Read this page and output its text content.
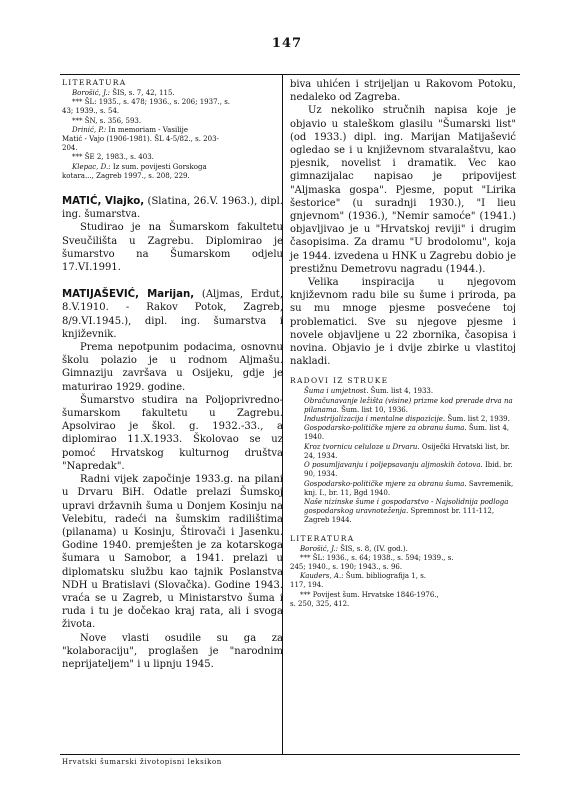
147

LITERATURA

Borošić, J.: ŠIS, s. 7, 42, 115.

*** ŠL: 1935., s. 478; 1936., s. 206; 1937., s.

43; 1939., s. 54.

*** ŠN, s. 356, 593.

Drinić, P.: In memoriam - Vasilije

Matić - Vajo (1906-1981). ŠL 4-5/82., s. 203-

204.

*** ŠE 2, 1983., s. 403.

Klepac, D.: Iz sum. povijesti Gorskoga

kotara..., Zagreb 1997., s. 208, 229.

MATIĆ, Vlajko, (Slatina, 26.V. 1963.), dipl. ing. šumarstva.

Studirao je na Šumarskom fakultetu Sveučilišta u Zagrebu. Diplomirao je šumarstvo na Šumarskom odjelu 17.VI.1991.

MATIJAŠEVIĆ, Marijan, (Aljmas, Erdut, 8.V.1910. - Rakov Potok, Zagreb, 8/9.VI.1945.), dipl. ing. šumarstva i književnik.

Prema nepotpunim podacima, osnovnu školu polazio je u rodnom Aljmašu. Gimnaziju završava u Osijeku, gdje je maturirao 1929. godine.

Šumarstvo studira na Poljoprivredno-šumarskom fakultetu u Zagrebu. Apsolvirao je škol. g. 1932.-33., a diplomirao 11.X.1933. Školovao se uz pomoć Hrvatskog kulturnog društva "Napredak".

Radni vijek započinje 1933.g. na pilani u Drvaru BiH. Odatle prelazi Šumskoj upravi državnih šuma u Donjem Kosinju na Velebitu, radeći na šumskim radilištima (pilanama) u Kosinju, Štirovači i Jasenku. Godine 1940. premješten je za kotarskoga šumara u Samobor, a 1941. prelazi u diplomatsku službu kao tajnik Poslanstva NDH u Bratislavi (Slovačka). Godine 1943. vraća se u Zagreb, u Ministarstvo šuma i ruda i tu je dočekao kraj rata, ali i svoga života.

Nove vlasti osudile su ga za "kolaboraciju", proglašen je "narodnim neprijateljem" i u lipnju 1945.

biva uhićen i strijeljan u Rakovom Potoku, nedaleko od Zagreba.

Uz nekoliko stručnih napisa koje je objavio u staleškom glasilu "Šumarski list" (od 1933.) dipl. ing. Marijan Matijašević ogledao se i u književnom stvaralaštvu, kao pjesnik, novelist i dramatik. Vec kao gimnazijalac napisao je pripovijest "Aljmaska gospa". Pjesme, poput "Lirika šestorice" (u suradnji 1930.), "I lieu gnjevnom" (1936.), "Nemir samoće" (1941.) objavljivao je u "Hrvatskoj reviji" i drugim časopisima. Za dramu "U brodolomu", koja je 1944. izvedena u HNK u Zagrebu dobio je prestižnu Demetrovu nagradu (1944.).

Velika inspiracija u njegovom književnom radu bile su šume i priroda, pa su mu mnoge pjesme posvećene toj problematici. Sve su njegove pjesme i novele objavljene u 22 zbornika, časopisa i novina. Objavio je i dvije zbirke u vlastitoj nakladi.

RADOVI IZ STRUKE

Šuma i umjetnost. Šum. list 4, 1933.

Obračunavanje ležišta (visine) prizme kod prerade drva na pilanama. Šum. list 10, 1936.

Industrijalizacija i mentalne dispozicije. Šum. list 2, 1939.

Gospodarsko-političke mjere za obranu šuma. Šum. list 4, 1940.

Kroz tvornicu celuloze u Drvaru. Osiječki Hrvatski list, br. 24, 1934.

O posumljavanju i poljepsavanju aljmoskih čotova. Ibid. br. 90, 1934.

Gospodarsko-političke mjere za obranu šuma. Savremenik, knj. I., br. 11, Bgd 1940.

Naše nizinske šume i gospodarstvo - Najsolidnija podloga gospodarskog uravnoteženja. Spremnost br. 111-112, Zagreb 1944.

LITERATURA

Borošić, J.: ŠIS, s. 8, (IV. god.).

*** ŠL: 1936., s. 64; 1938., s. 594; 1939., s.

245; 1940., s. 190; 1943., s. 96.

Kauders, A.: Šum. bibliografija 1, s.

117, 194.

*** Povijest šum. Hrvatske 1846-1976.,

s. 250, 325, 412.

Hrvatski šumarski životopisni leksikon
